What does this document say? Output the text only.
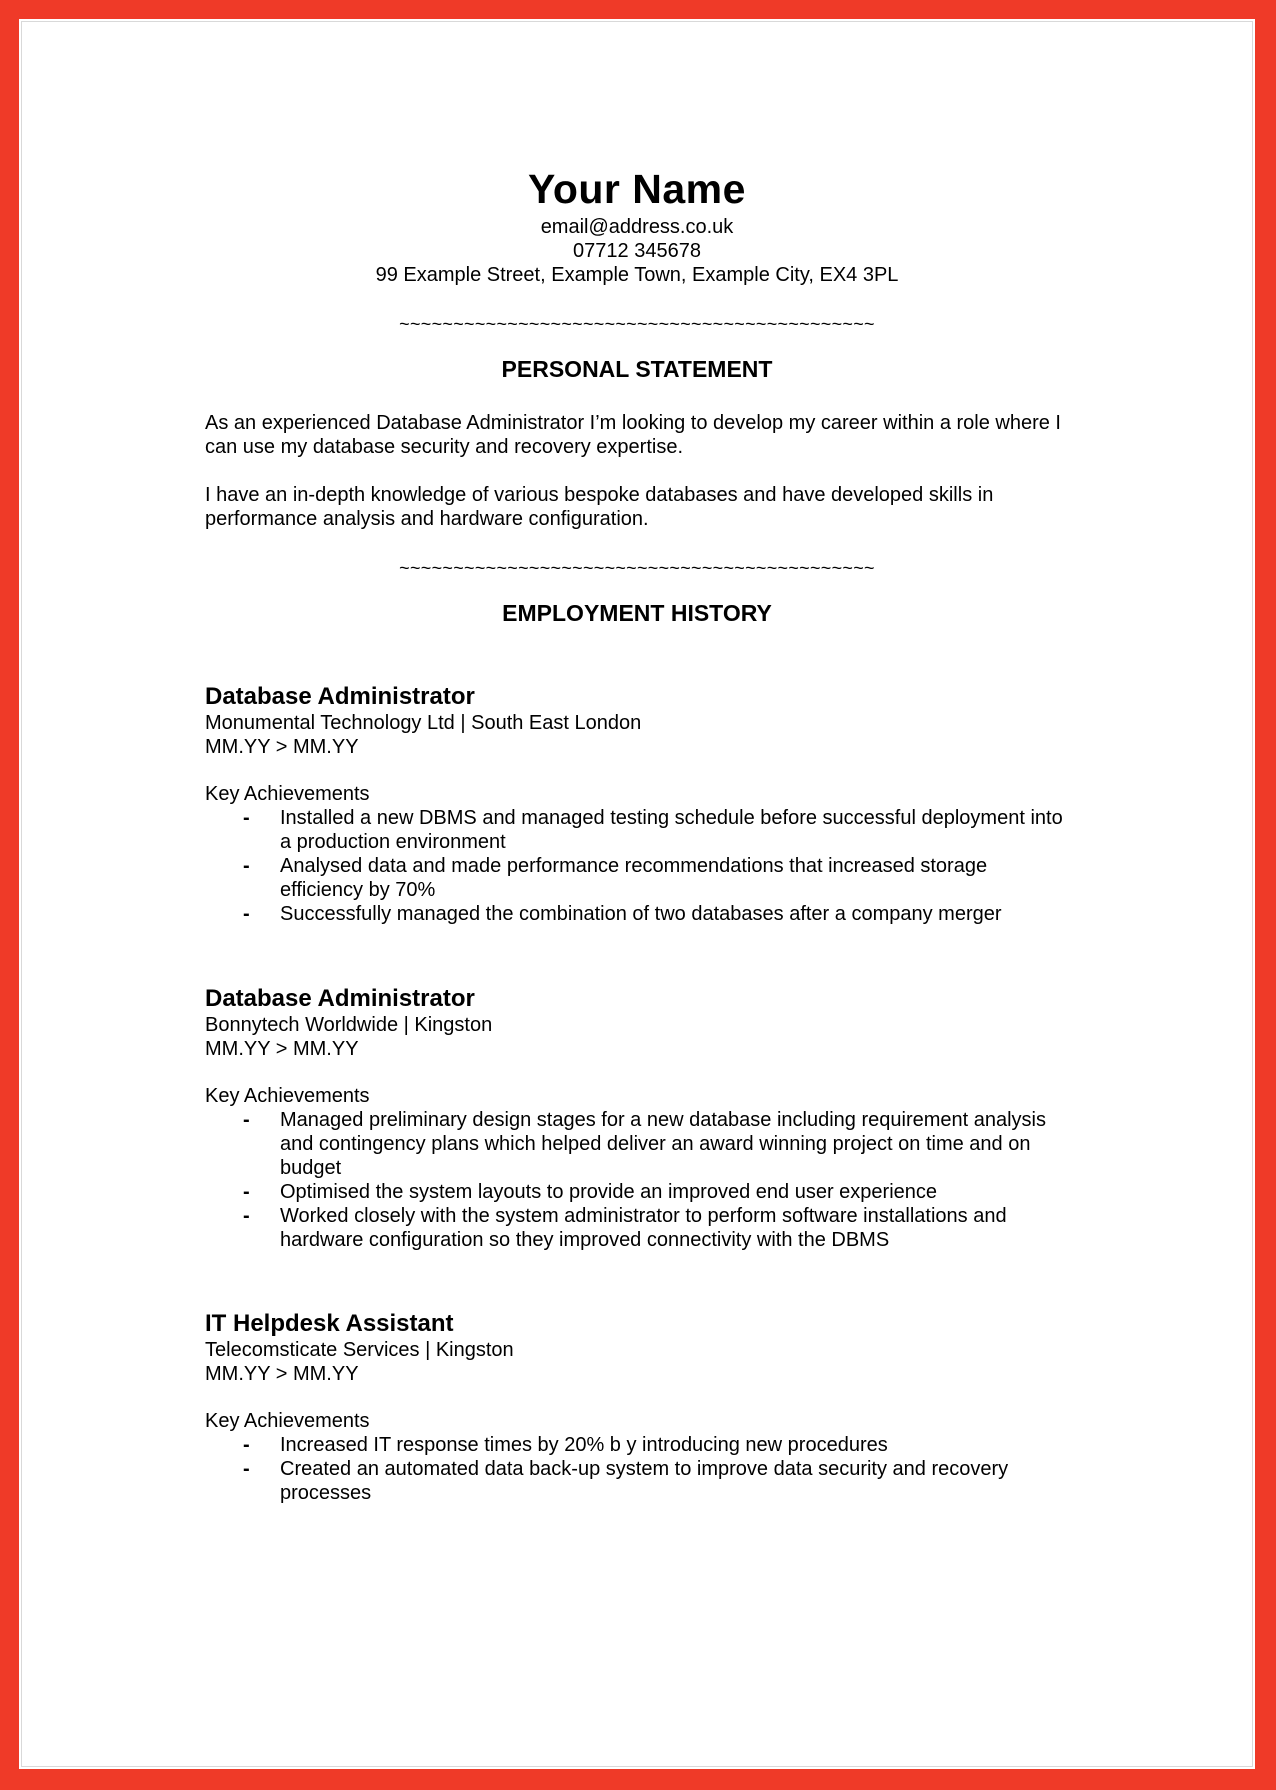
Your Name
email@address.co.uk
07712 345678
99 Example Street, Example Town, Example City, EX4 3PL
~~~~~~~~~~~~~~~~~~~~~~~~~~~~~~~~~~~~~~~~~~~~
PERSONAL STATEMENT
As an experienced Database Administrator I’m looking to develop my career within a role where I can use my database security and recovery expertise.
I have an in-depth knowledge of various bespoke databases and have developed skills in performance analysis and hardware configuration.
~~~~~~~~~~~~~~~~~~~~~~~~~~~~~~~~~~~~~~~~~~~~
EMPLOYMENT HISTORY
Database Administrator
Monumental Technology Ltd | South East London
MM.YY > MM.YY
Key Achievements
- Installed a new DBMS and managed testing schedule before successful deployment into a production environment
- Analysed data and made performance recommendations that increased storage efficiency by 70%
- Successfully managed the combination of two databases after a company merger
Database Administrator
Bonnytech Worldwide | Kingston
MM.YY > MM.YY
Key Achievements
- Managed preliminary design stages for a new database including requirement analysis and contingency plans which helped deliver an award winning project on time and on budget
- Optimised the system layouts to provide an improved end user experience
- Worked closely with the system administrator to perform software installations and hardware configuration so they improved connectivity with the DBMS
IT Helpdesk Assistant
Telecomsticate Services | Kingston
MM.YY > MM.YY
Key Achievements
- Increased IT response times by 20% b y introducing new procedures
- Created an automated data back-up system to improve data security and recovery processes
